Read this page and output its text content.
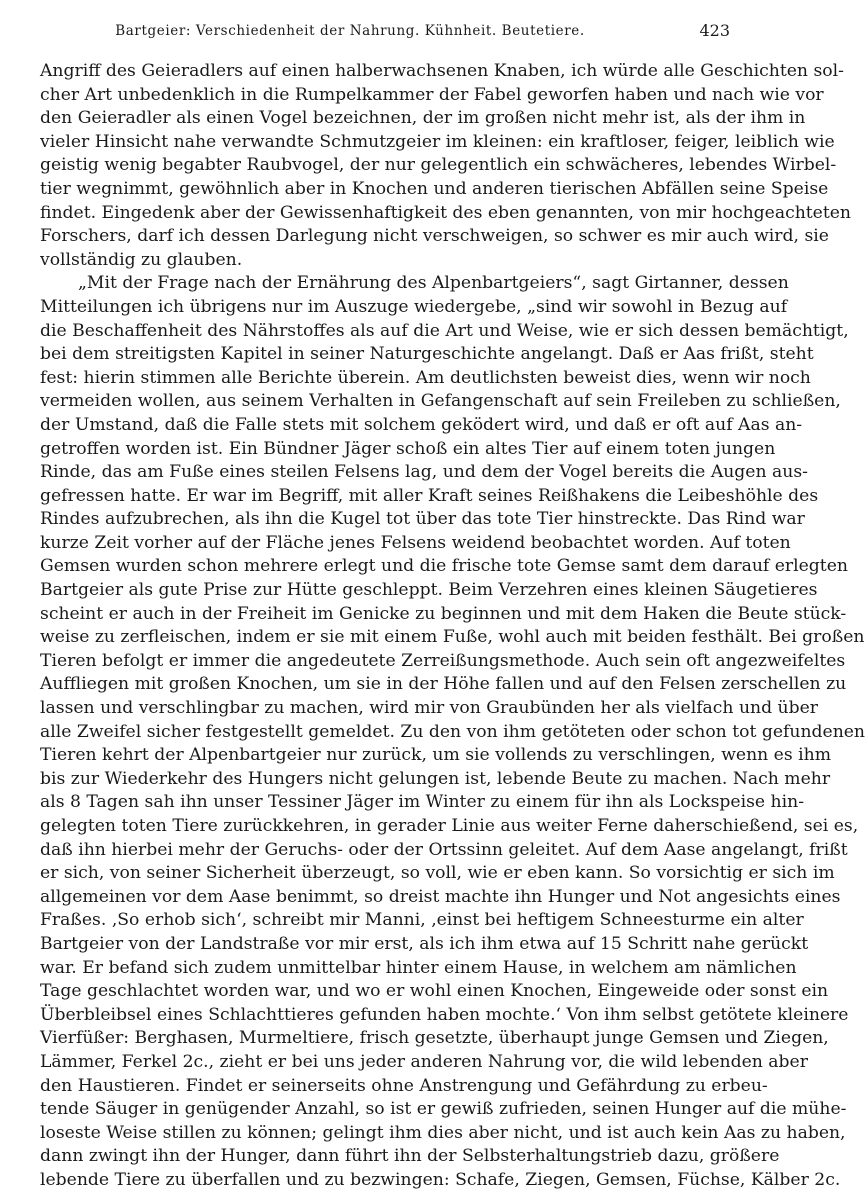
Bartgeier: Verschiedenheit der Nahrung. Kühnheit. Beutetiere.	423
Angriff des Geieradlers auf einen halberwachsenen Knaben, ich würde alle Geschichten sol-
cher Art unbedenklich in die Rumpelkammer der Fabel geworfen haben und nach wie vor
den Geieradler als einen Vogel bezeichnen, der im großen nicht mehr ist, als der ihm in
vieler Hinsicht nahe verwandte Schmutzgeier im kleinen: ein kraftloser, feiger, leiblich wie
geistig wenig begabter Raubvogel, der nur gelegentlich ein schwächeres, lebendes Wirbel-
tier wegnimmt, gewöhnlich aber in Knochen und anderen tierischen Abfällen seine Speise
findet. Eingedenk aber der Gewissenhaftigkeit des eben genannten, von mir hochgeachteten
Forschers, darf ich dessen Darlegung nicht verschweigen, so schwer es mir auch wird, sie
vollständig zu glauben.
„Mit der Frage nach der Ernährung des Alpenbartgeiers“, sagt Girtanner, dessen
Mitteilungen ich übrigens nur im Auszuge wiedergebe, „sind wir sowohl in Bezug auf
die Beschaffenheit des Nährstoffes als auf die Art und Weise, wie er sich dessen bemächtigt,
bei dem streitigsten Kapitel in seiner Naturgeschichte angelangt. Daß er Aas frißt, steht
fest: hierin stimmen alle Berichte überein. Am deutlichsten beweist dies, wenn wir noch
vermeiden wollen, aus seinem Verhalten in Gefangenschaft auf sein Freileben zu schließen,
der Umstand, daß die Falle stets mit solchem geködert wird, und daß er oft auf Aas an-
getroffen worden ist. Ein Bündner Jäger schoß ein altes Tier auf einem toten jungen
Rinde, das am Fuße eines steilen Felsens lag, und dem der Vogel bereits die Augen aus-
gefressen hatte. Er war im Begriff, mit aller Kraft seines Reißhakens die Leibeshöhle des
Rindes aufzubrechen, als ihn die Kugel tot über das tote Tier hinstreckte. Das Rind war
kurze Zeit vorher auf der Fläche jenes Felsens weidend beobachtet worden. Auf toten
Gemsen wurden schon mehrere erlegt und die frische tote Gemse samt dem darauf erlegten
Bartgeier als gute Prise zur Hütte geschleppt. Beim Verzehren eines kleinen Säugetieres
scheint er auch in der Freiheit im Genicke zu beginnen und mit dem Haken die Beute stück-
weise zu zerfleischen, indem er sie mit einem Fuße, wohl auch mit beiden festhält. Bei großen
Tieren befolgt er immer die angedeutete Zerreißungsmethode. Auch sein oft angezweifeltes
Auffliegen mit großen Knochen, um sie in der Höhe fallen und auf den Felsen zerschellen zu
lassen und verschlingbar zu machen, wird mir von Graubünden her als vielfach und über
alle Zweifel sicher festgestellt gemeldet. Zu den von ihm getöteten oder schon tot gefundenen
Tieren kehrt der Alpenbartgeier nur zurück, um sie vollends zu verschlingen, wenn es ihm
bis zur Wiederkehr des Hungers nicht gelungen ist, lebende Beute zu machen. Nach mehr
als 8 Tagen sah ihn unser Tessiner Jäger im Winter zu einem für ihn als Lockspeise hin-
gelegten toten Tiere zurückkehren, in gerader Linie aus weiter Ferne daherschießend, sei es,
daß ihn hierbei mehr der Geruchs- oder der Ortssinn geleitet. Auf dem Aase angelangt, frißt
er sich, von seiner Sicherheit überzeugt, so voll, wie er eben kann. So vorsichtig er sich im
allgemeinen vor dem Aase benimmt, so dreist machte ihn Hunger und Not angesichts eines
Fraßes. ‚So erhob sich‘, schreibt mir Manni, ‚einst bei heftigem Schneesturme ein alter
Bartgeier von der Landstraße vor mir erst, als ich ihm etwa auf 15 Schritt nahe gerückt
war. Er befand sich zudem unmittelbar hinter einem Hause, in welchem am nämlichen
Tage geschlachtet worden war, und wo er wohl einen Knochen, Eingeweide oder sonst ein
Überbleibsel eines Schlachttieres gefunden haben mochte.‘ Von ihm selbst getötete kleinere
Vierfüßer: Berghasen, Murmeltiere, frisch gesetzte, überhaupt junge Gemsen und Ziegen,
Lämmer, Ferkel 2c., zieht er bei uns jeder anderen Nahrung vor, die wild lebenden aber
den Haustieren. Findet er seinerseits ohne Anstrengung und Gefährdung zu erbeu-
tende Säuger in genügender Anzahl, so ist er gewiß zufrieden, seinen Hunger auf die mühe-
loseste Weise stillen zu können; gelingt ihm dies aber nicht, und ist auch kein Aas zu haben,
dann zwingt ihn der Hunger, dann führt ihn der Selbsterhaltungstrieb dazu, größere
lebende Tiere zu überfallen und zu bezwingen: Schafe, Ziegen, Gemsen, Füchse, Kälber 2c.
